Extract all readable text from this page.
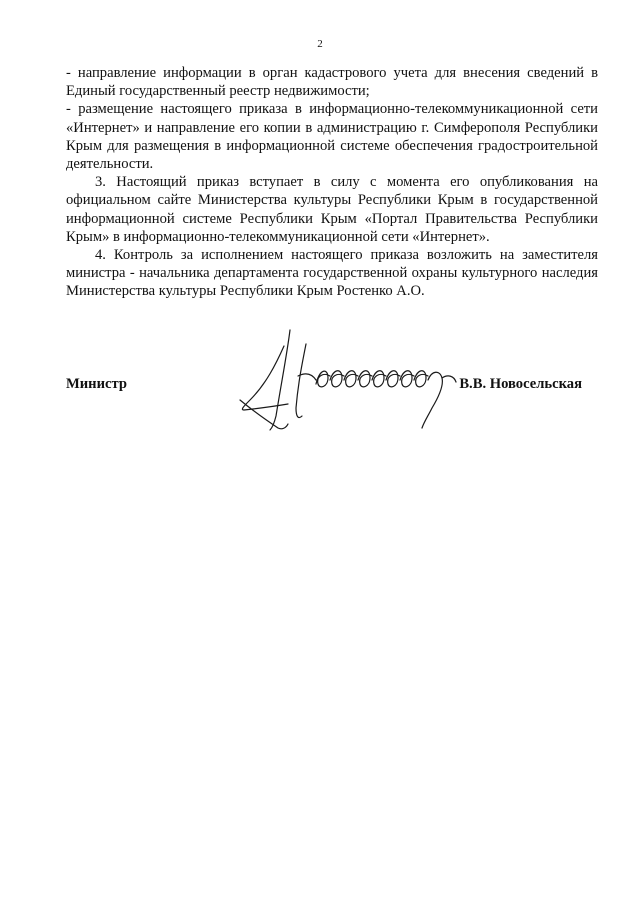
2

- направление информации в орган кадастрового учета для внесения сведений в Единый государственный реестр недвижимости;

- размещение настоящего приказа в информационно-телекоммуникационной сети «Интернет» и направление его копии в администрацию г. Симферополя Республики Крым для размещения в информационной системе обеспечения градостроительной деятельности.

3. Настоящий приказ вступает в силу с момента его опубликования на официальном сайте Министерства культуры Республики Крым в государственной информационной системе Республики Крым «Портал Правительства Республики Крым» в информационно-телекоммуникационной сети «Интернет».

4. Контроль за исполнением настоящего приказа возложить на заместителя министра - начальника департамента государственной охраны культурного наследия Министерства культуры Республики Крым Ростенко А.О.

Министр	В.В. Новосельская
